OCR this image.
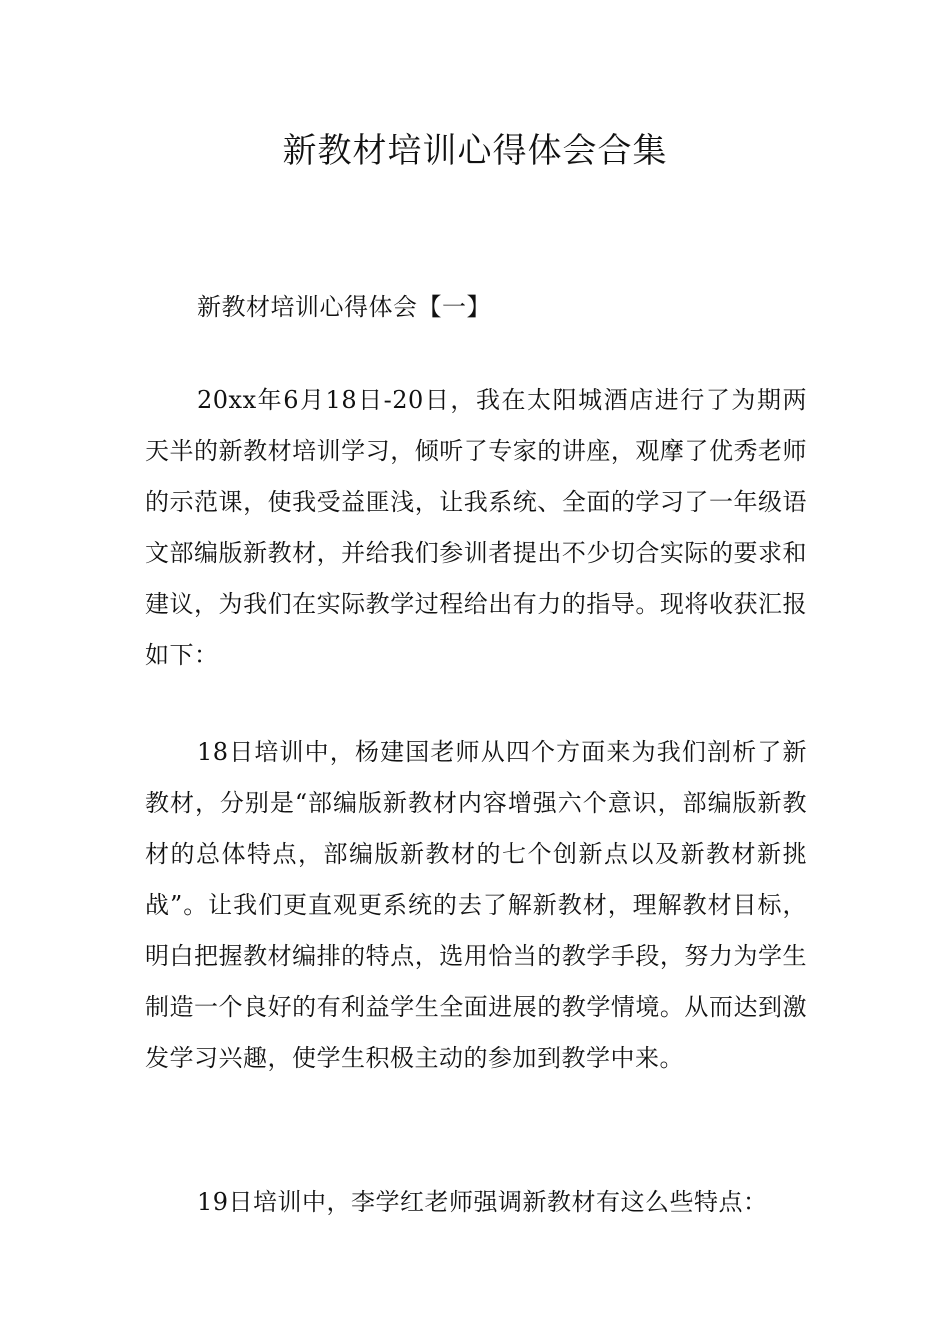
新教材培训心得体会合集

新教材培训心得体会【一】

20xx年6月18日-20日，我在太阳城酒店进行了为期两天半的新教材培训学习，倾听了专家的讲座，观摩了优秀老师的示范课，使我受益匪浅，让我系统、全面的学习了一年级语文部编版新教材，并给我们参训者提出不少切合实际的要求和建议，为我们在实际教学过程给出有力的指导。现将收获汇报如下：

18日培训中，杨建国老师从四个方面来为我们剖析了新教材，分别是“部编版新教材内容增强六个意识，部编版新教材的总体特点，部编版新教材的七个创新点以及新教材新挑战”。让我们更直观更系统的去了解新教材，理解教材目标，明白把握教材编排的特点，选用恰当的教学手段，努力为学生制造一个良好的有利益学生全面进展的教学情境。从而达到激发学习兴趣，使学生积极主动的参加到教学中来。

19日培训中，李学红老师强调新教材有这么些特点：
